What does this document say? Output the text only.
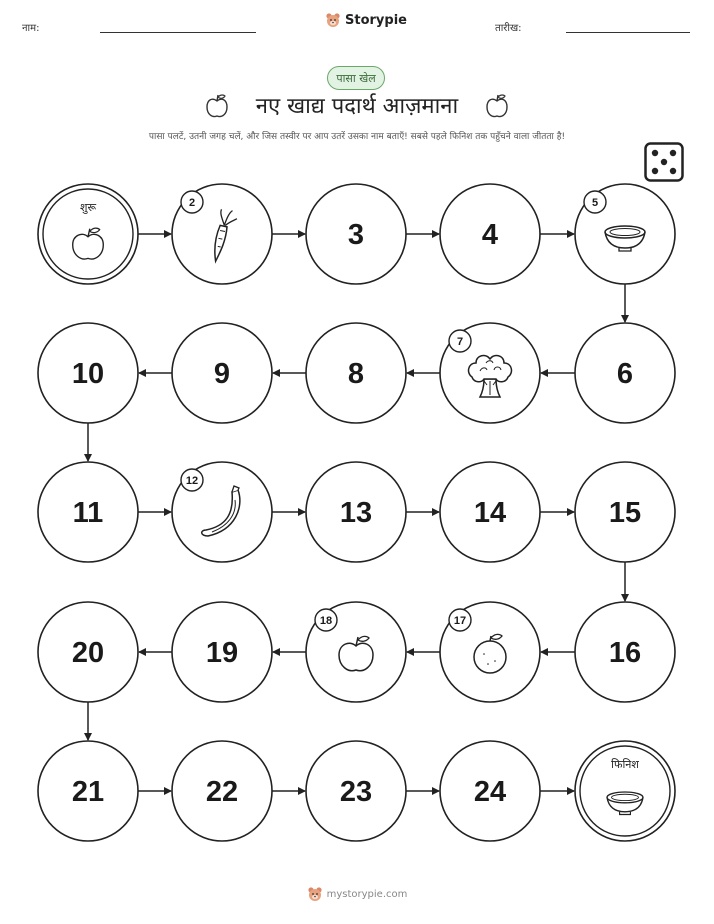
नाम:
Storypie
तारीख:
पासा खेल
नए खाद्य पदार्थ आज़माना
पासा पलटें, उतनी जगह चलें, और जिस तस्वीर पर आप उतरें उसका नाम बताएँ! सबसे पहले फिनिश तक पहुँचने वाला जीतता है!
शुरू	2
3	4
5
6
7
8
9
10
11
12
13	14	15
16
17
18
19
20
21	22	23	24
फिनिश
mystorypie.com
